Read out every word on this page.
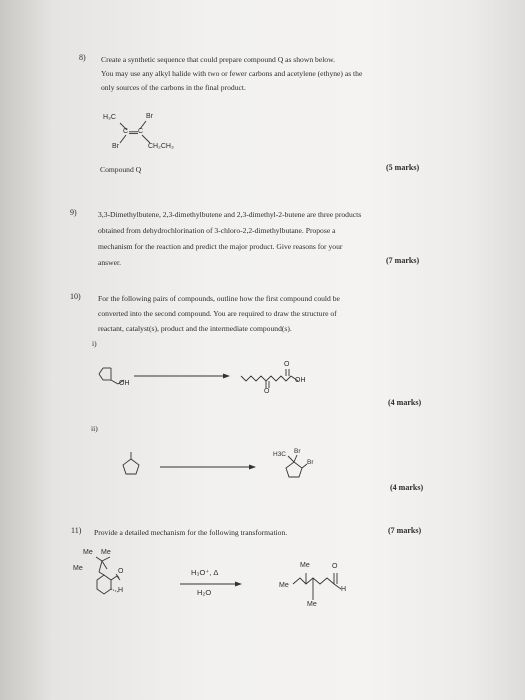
8) Create a synthetic sequence that could prepare compound Q as shown below.
You may use any alkyl halide with two or fewer carbons and acetylene (ethyne) as the
only sources of the carbons in the final product.
H₃C	Br
C C
Br	CH₂CH₃
Compound Q	(5 marks)
9)	3,3-Dimethylbutene, 2,3-dimethylbutene and 2,3-dimethyl-2-butene are three products
obtained from dehydrochlorination of 3-chloro-2,2-dimethylbutane. Propose a
mechanism for the reaction and predict the major product. Give reasons for your
answer.	(7 marks)
10) For the following pairs of compounds, outline how the first compound could be
converted into the second compound. You are required to draw the structure of
reactant, catalyst(s), product and the intermediate compound(s).
i)
OH
O
OH
O
(4 marks)
ii)
H3C Br
Br
(4 marks)
11) Provide a detailed mechanism for the following transformation.	(7 marks)
Me Me
Me	O
H
H₃O⁺, Δ
H₂O
Me
Me
Me
O
H
